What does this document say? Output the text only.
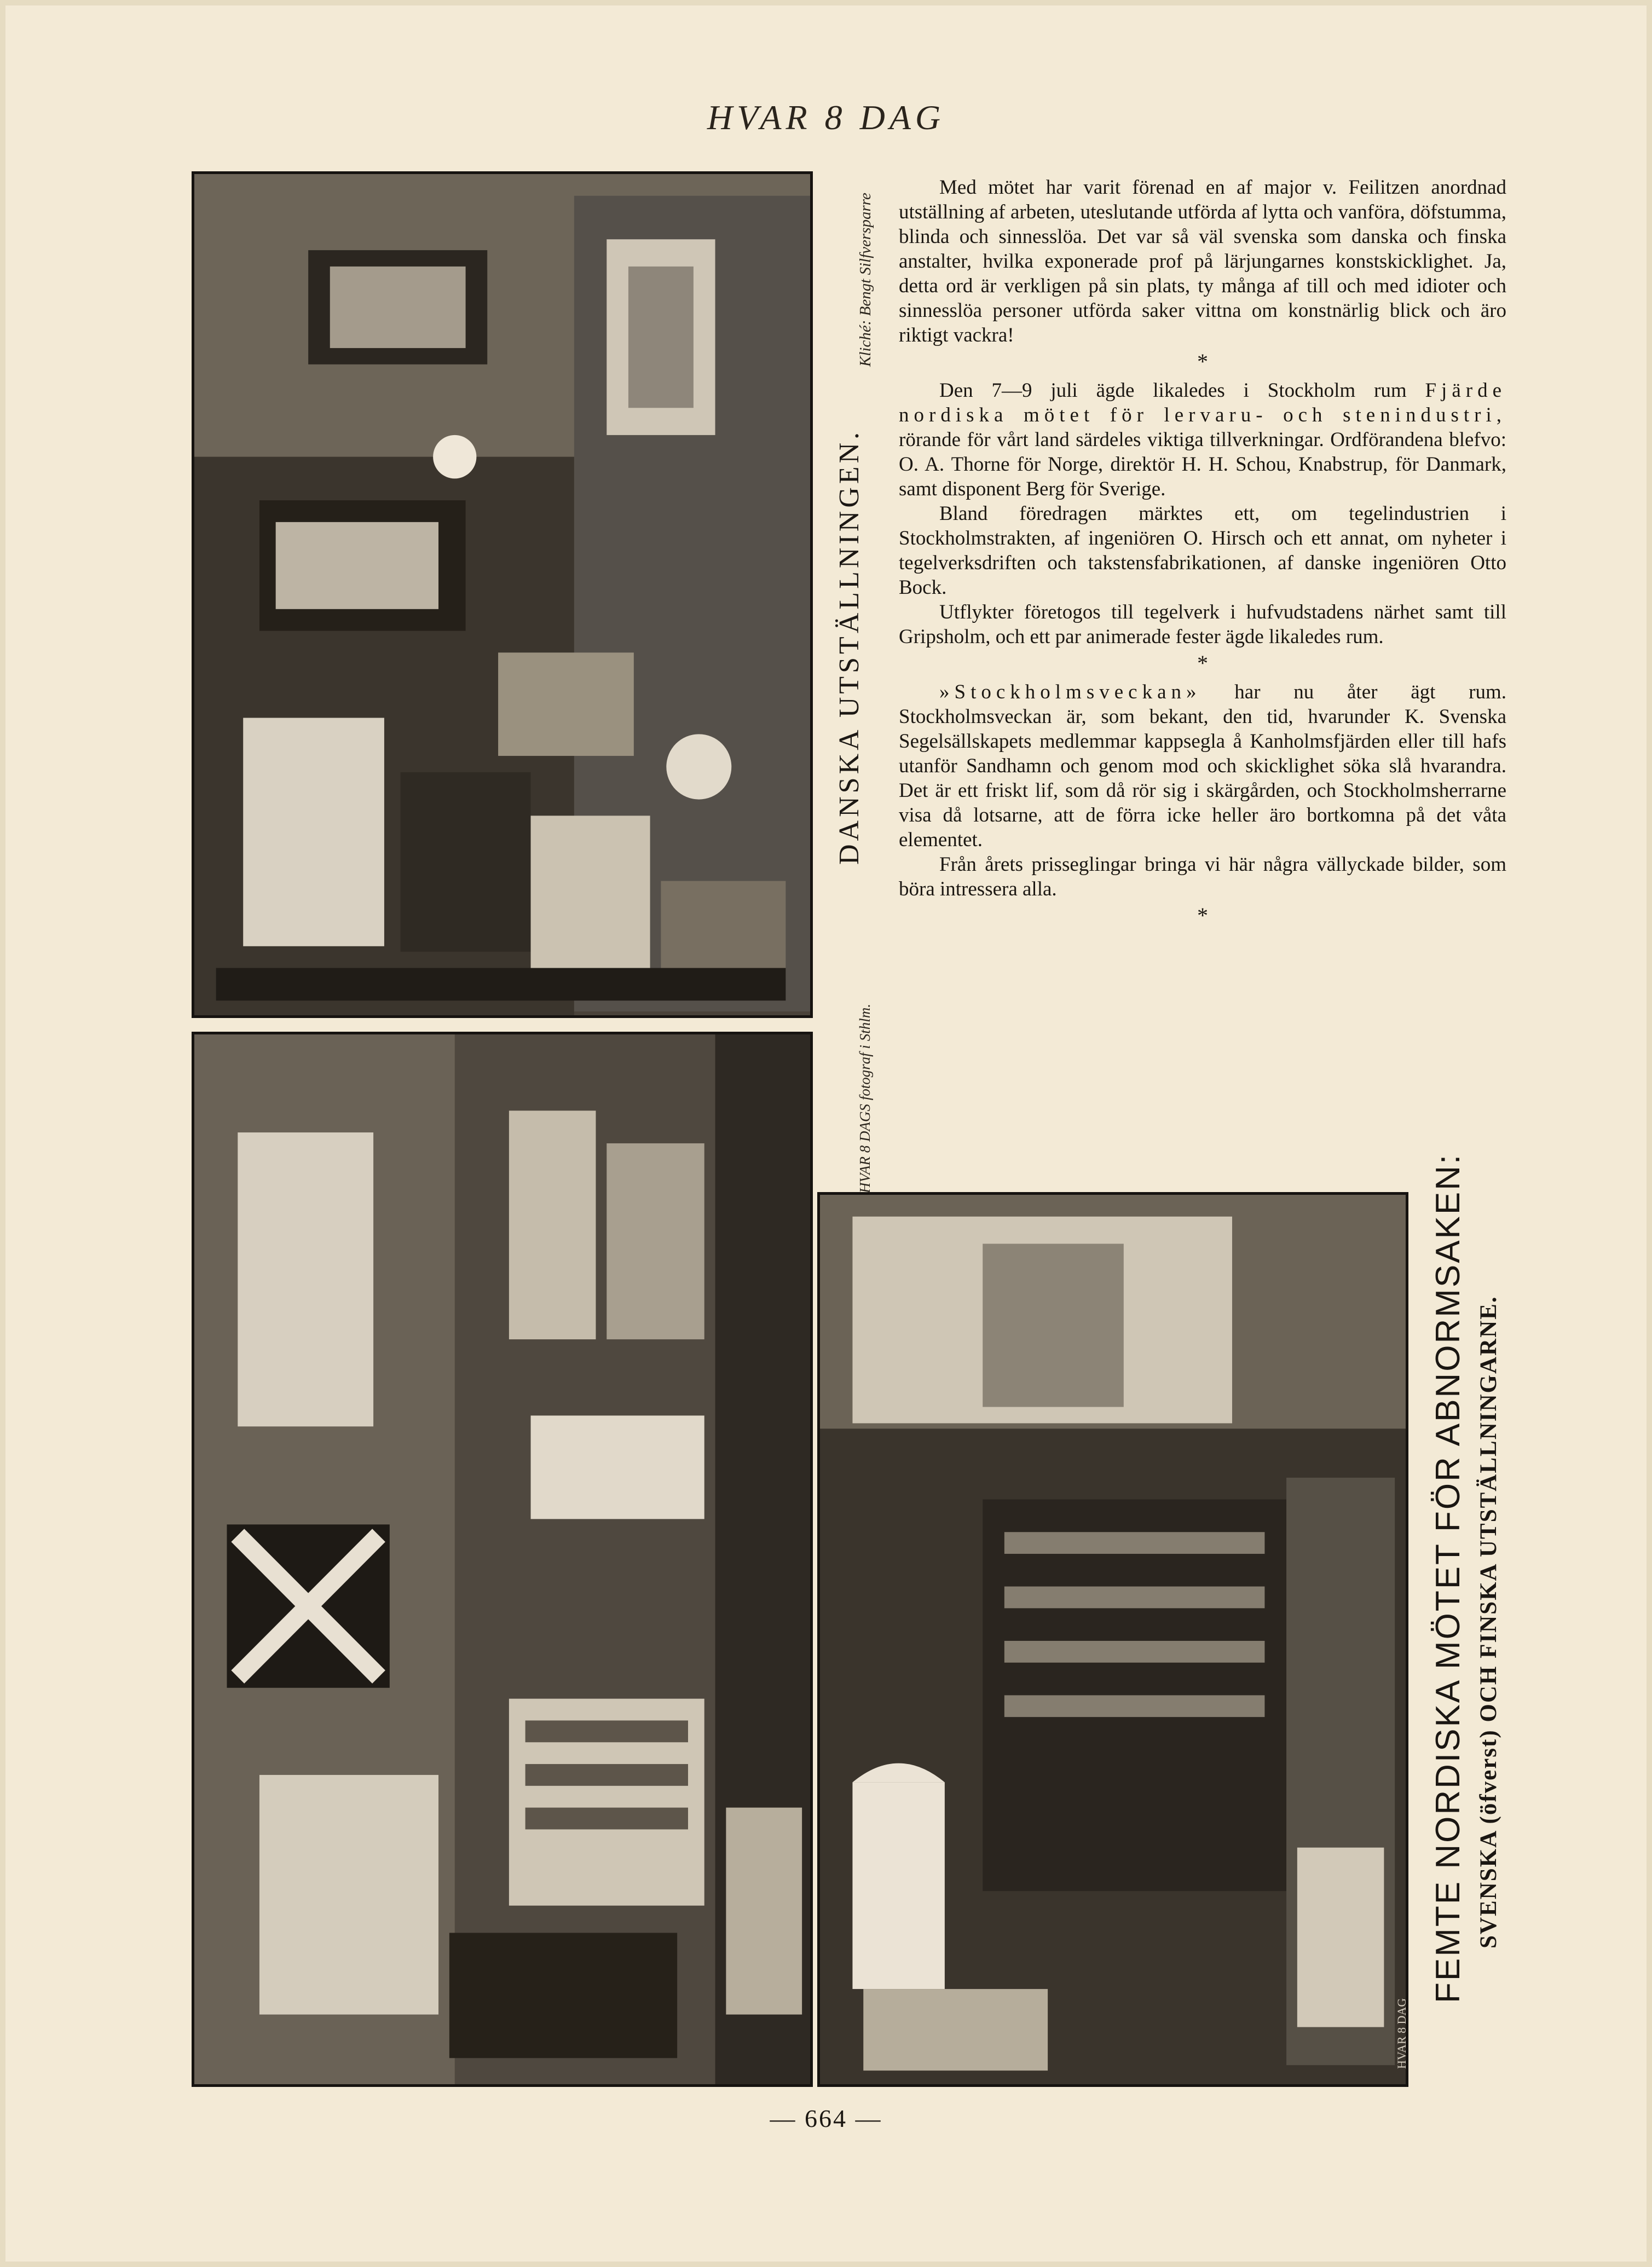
HVAR 8 DAG
DANSKA UTSTÄLLNINGEN.
Kliché: Bengt Silfversparre
HVAR 8 DAGS fotograf i Sthlm.
FEMTE NORDISKA MÖTET FÖR ABNORMSAKEN: SVENSKA (öfverst) OCH FINSKA UTSTÄLLNINGARNE.
HVAR 8 DAG

Med mötet har varit förenad en af major v. Feilitzen anordnad utställning af arbeten, uteslutande utförda af lytta och vanföra, döfstumma, blinda och sinnesslöa. Det var så väl svenska som danska och finska anstalter, hvilka exponerade prof på lärjungarnes konstskicklighet. Ja, detta ord är verkligen på sin plats, ty många af till och med idioter och sinnesslöa personer utförda saker vittna om konstnärlig blick och äro riktigt vackra!

*

Den 7—9 juli ägde likaledes i Stockholm rum Fjärde nordiska mötet för lervaru- och stenindustri, rörande för vårt land särdeles viktiga tillverkningar. Ordförandena blefvo: O. A. Thorne för Norge, direktör H. H. Schou, Knabstrup, för Danmark, samt disponent Berg för Sverige.

Bland föredragen märktes ett, om tegelindustrien i Stockholmstrakten, af ingeniören O. Hirsch och ett annat, om nyheter i tegelverksdriften och takstensfabrikationen, af danske ingeniören Otto Bock.

Utflykter företogos till tegelverk i hufvudstadens närhet samt till Gripsholm, och ett par animerade fester ägde likaledes rum.

*

»Stockholmsveckan» har nu åter ägt rum. Stockholmsveckan är, som bekant, den tid, hvarunder K. Svenska Segelsällskapets medlemmar kappsegla å Kanholmsfjärden eller till hafs utanför Sandhamn och genom mod och skicklighet söka slå hvarandra. Det är ett friskt lif, som då rör sig i skärgården, och Stockholmsherrarne visa då lotsarne, att de förra icke heller äro bortkomna på det våta elementet.

Från årets prisseglingar bringa vi här några vällyckade bilder, som böra intressera alla.

*
— 664 —
